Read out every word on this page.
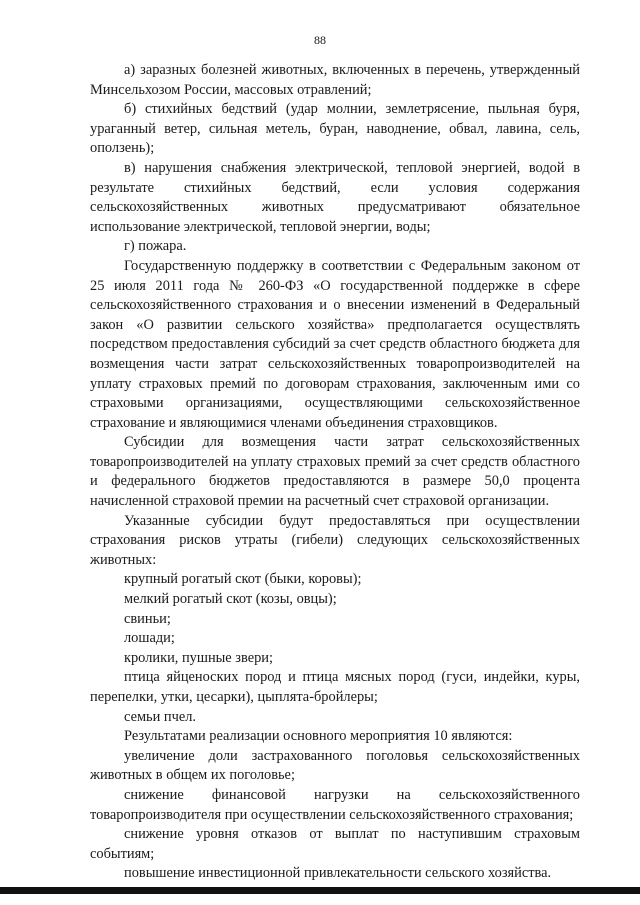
88

а) заразных болезней животных, включенных в перечень, утвержденный Минсельхозом России, массовых отравлений;

б) стихийных бедствий (удар молнии, землетрясение, пыльная буря, ураганный ветер, сильная метель, буран, наводнение, обвал, лавина, сель, оползень);

в) нарушения снабжения электрической, тепловой энергией, водой в результате стихийных бедствий, если условия содержания сельскохозяйственных животных предусматривают обязательное использование электрической, тепловой энергии, воды;

г) пожара.

Государственную поддержку в соответствии с Федеральным законом от 25 июля 2011 года № 260-ФЗ «О государственной поддержке в сфере сельскохозяйственного страхования и о внесении изменений в Федеральный закон «О развитии сельского хозяйства» предполагается осуществлять посредством предоставления субсидий за счет средств областного бюджета для возмещения части затрат сельскохозяйственных товаропроизводителей на уплату страховых премий по договорам страхования, заключенным ими со страховыми организациями, осуществляющими сельскохозяйственное страхование и являющимися членами объединения страховщиков.

Субсидии для возмещения части затрат сельскохозяйственных товаропроизводителей на уплату страховых премий за счет средств областного и федерального бюджетов предоставляются в размере 50,0 процента начисленной страховой премии на расчетный счет страховой организации.

Указанные субсидии будут предоставляться при осуществлении страхования рисков утраты (гибели) следующих сельскохозяйственных животных:

крупный рогатый скот (быки, коровы);

мелкий рогатый скот (козы, овцы);

свиньи;

лошади;

кролики, пушные звери;

птица яйценоских пород и птица мясных пород (гуси, индейки, куры, перепелки, утки, цесарки), цыплята-бройлеры;

семьи пчел.

Результатами реализации основного мероприятия 10 являются:

увеличение доли застрахованного поголовья сельскохозяйственных животных в общем их поголовье;

снижение финансовой нагрузки на сельскохозяйственного товаропроизводителя при осуществлении сельскохозяйственного страхования;

снижение уровня отказов от выплат по наступившим страховым событиям;

повышение инвестиционной привлекательности сельского хозяйства.
